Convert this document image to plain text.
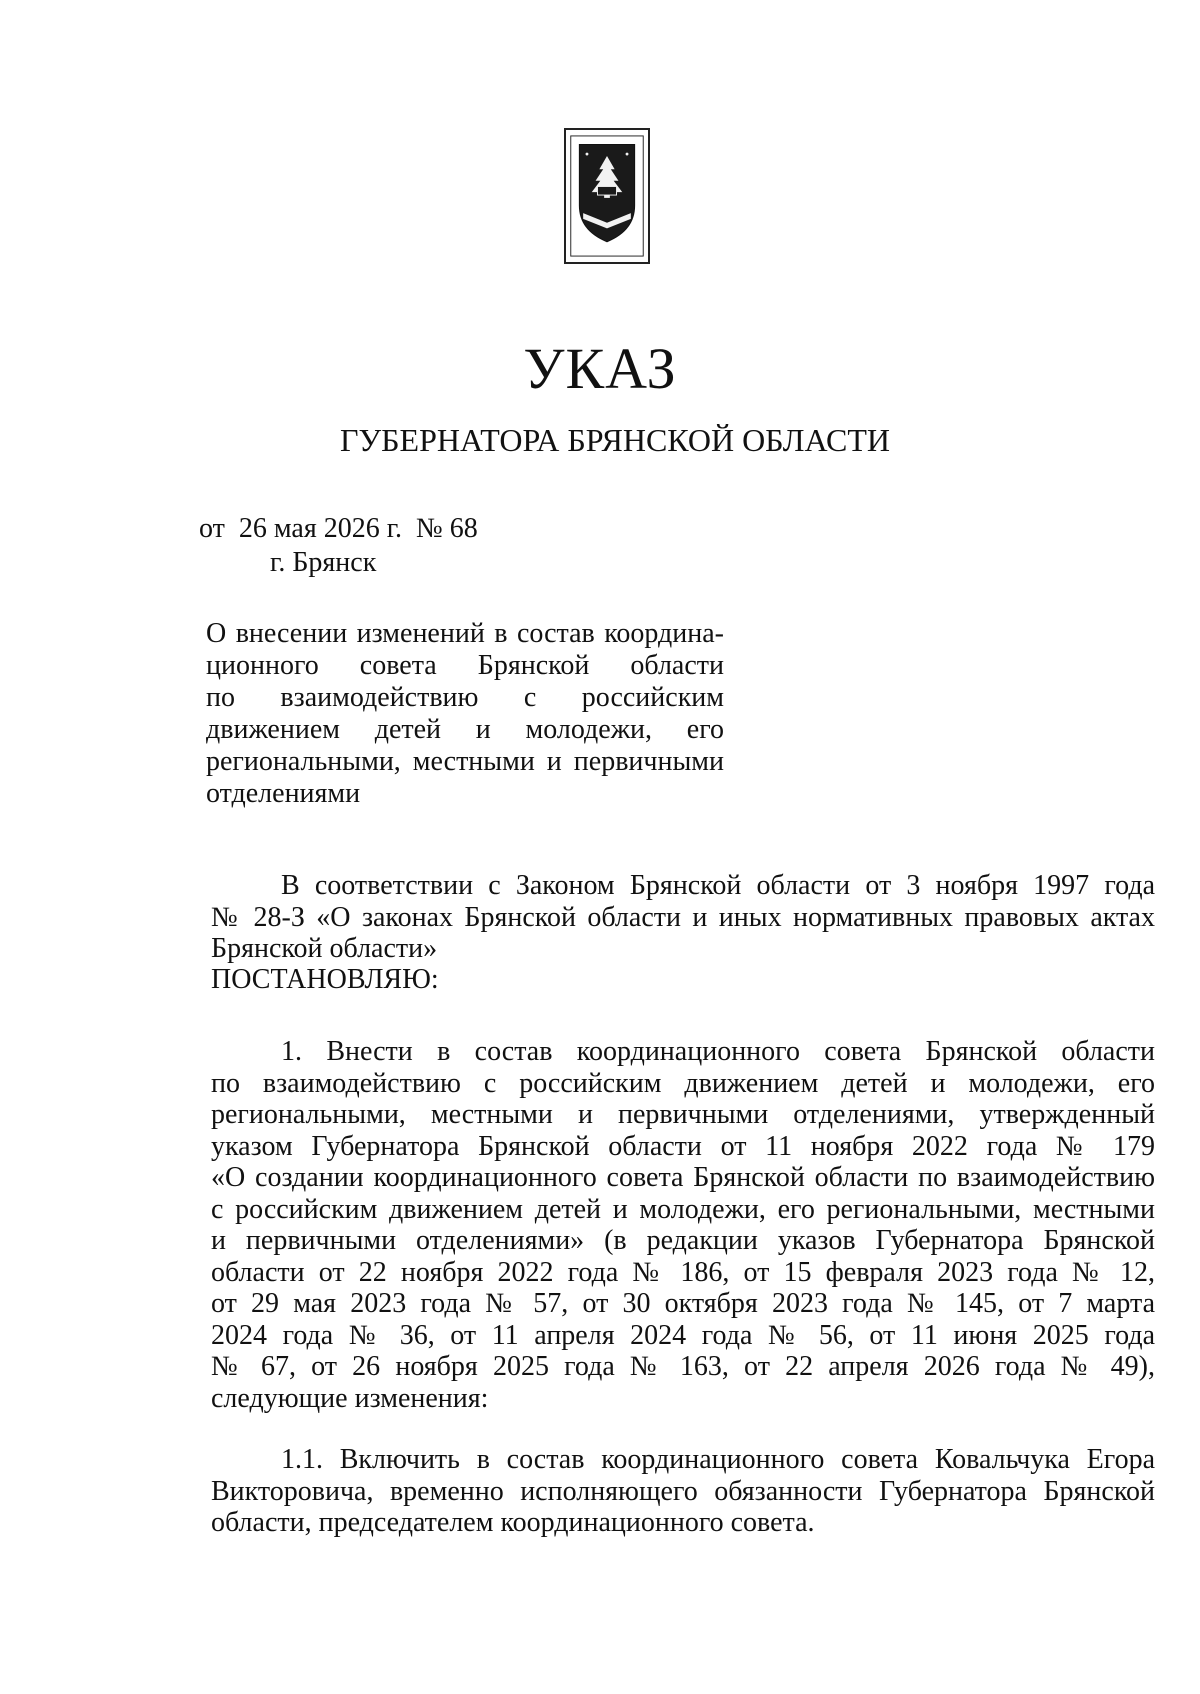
УКАЗ
ГУБЕРНАТОРА БРЯНСКОЙ ОБЛАСТИ
от  26 мая 2026 г.  № 68
г. Брянск
О внесении изменений в состав координа-
ционного совета Брянской области
по взаимодействию с российским
движением детей и молодежи, его
региональными, местными и первичными
отделениями
В соответствии с Законом Брянской области от 3 ноября 1997 года
№ 28-З «О законах Брянской области и иных нормативных правовых актах
Брянской области»
ПОСТАНОВЛЯЮ:
1. Внести в состав координационного совета Брянской области
по взаимодействию с российским движением детей и молодежи, его
региональными, местными и первичными отделениями, утвержденный
указом Губернатора Брянской области от 11 ноября 2022 года № 179
«О создании координационного совета Брянской области по взаимодействию
с российским движением детей и молодежи, его региональными, местными
и первичными отделениями» (в редакции указов Губернатора Брянской
области от 22 ноября 2022 года № 186, от 15 февраля 2023 года № 12,
от 29 мая 2023 года № 57, от 30 октября 2023 года № 145, от 7 марта
2024 года № 36, от 11 апреля 2024 года № 56, от 11 июня 2025 года
№ 67, от 26 ноября 2025 года № 163, от 22 апреля 2026 года № 49),
следующие изменения:
1.1. Включить в состав координационного совета Ковальчука Егора
Викторовича, временно исполняющего обязанности Губернатора Брянской
области, председателем координационного совета.
